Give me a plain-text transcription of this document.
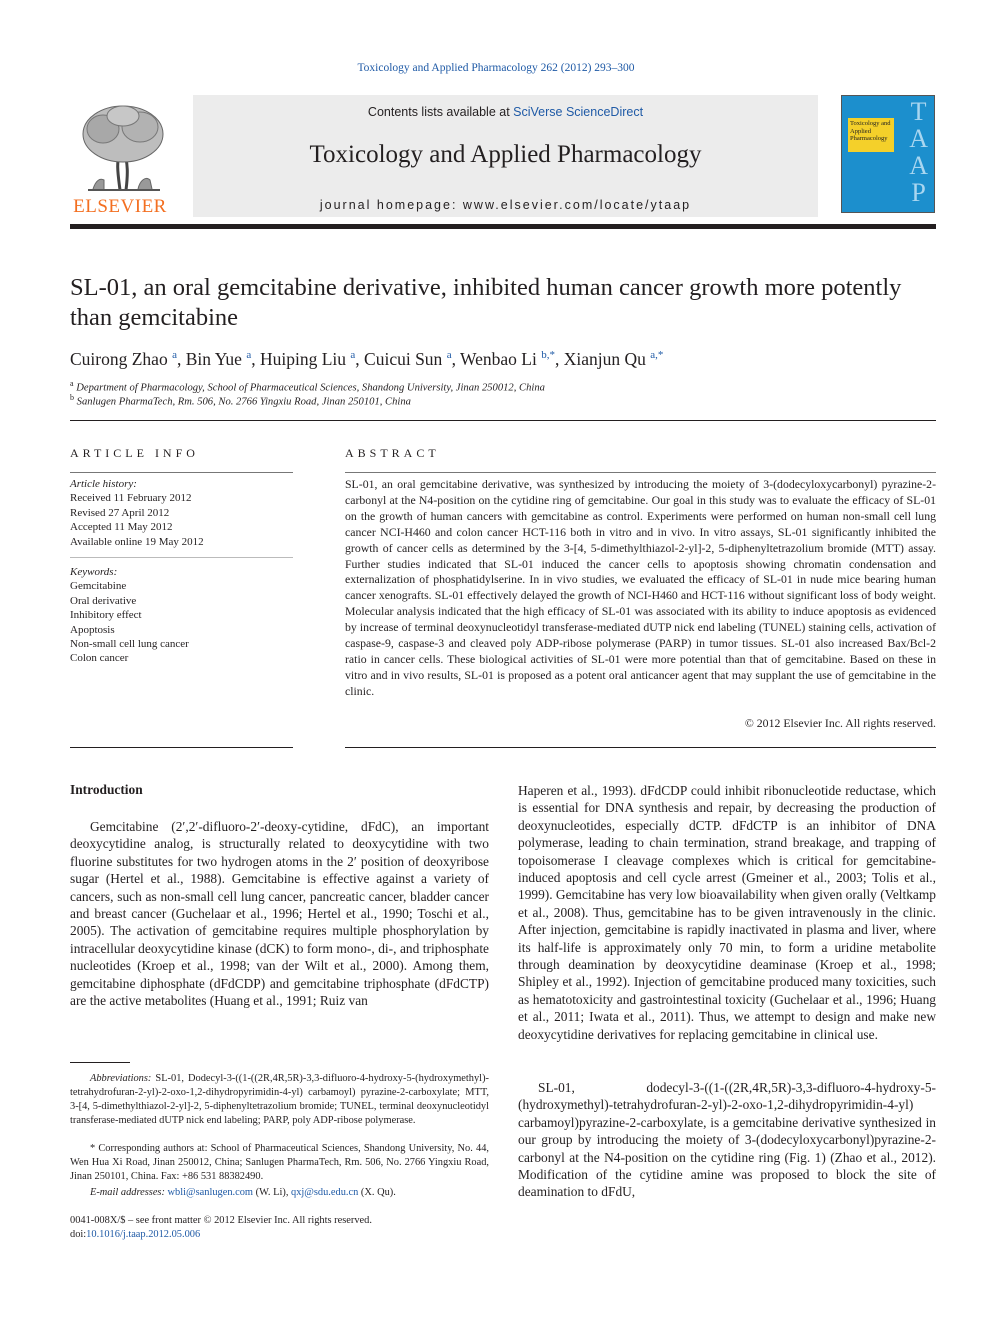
Toxicology and Applied Pharmacology 262 (2012) 293–300
ELSEVIER
Contents lists available at SciVerse ScienceDirect
Toxicology and Applied Pharmacology
journal homepage: www.elsevier.com/locate/ytaap
Toxicology and Applied Pharmacology
T
A
A
P
SL-01, an oral gemcitabine derivative, inhibited human cancer growth more potently than gemcitabine
Cuirong Zhao $^a$, Bin Yue $^a$, Huiping Liu $^a$, Cuicui Sun $^a$, Wenbao Li $^{b,*}$, Xianjun Qu $^{a,*}$
$^a$ Department of Pharmacology, School of Pharmaceutical Sciences, Shandong University, Jinan 250012, China
$^b$ Sanlugen PharmaTech, Rm. 506, No. 2766 Yingxiu Road, Jinan 250101, China
ARTICLE INFO
Article history:
Received 11 February 2012
Revised 27 April 2012
Accepted 11 May 2012
Available online 19 May 2012
Keywords:
Gemcitabine
Oral derivative
Inhibitory effect
Apoptosis
Non-small cell lung cancer
Colon cancer
ABSTRACT
SL-01, an oral gemcitabine derivative, was synthesized by introducing the moiety of 3-(dodecyloxycarbonyl) pyrazine-2-carbonyl at the N4-position on the cytidine ring of gemcitabine. Our goal in this study was to evaluate the efficacy of SL-01 on the growth of human cancers with gemcitabine as control. Experiments were performed on human non-small cell lung cancer NCI-H460 and colon cancer HCT-116 both in vitro and in vivo. In vitro assays, SL-01 significantly inhibited the growth of cancer cells as determined by the 3-[4, 5-dimethylthiazol-2-yl]-2, 5-diphenyltetrazolium bromide (MTT) assay. Further studies indicated that SL-01 induced the cancer cells to apoptosis showing chromatin condensation and externalization of phosphatidylserine. In in vivo studies, we evaluated the efficacy of SL-01 in nude mice bearing human cancer xenografts. SL-01 effectively delayed the growth of NCI-H460 and HCT-116 without significant loss of body weight. Molecular analysis indicated that the high efficacy of SL-01 was associated with its ability to induce apoptosis as evidenced by increase of terminal deoxynucleotidyl transferase-mediated dUTP nick end labeling (TUNEL) staining cells, activation of caspase-9, caspase-3 and cleaved poly ADP-ribose polymerase (PARP) in tumor tissues. SL-01 also increased Bax/Bcl-2 ratio in cancer cells. These biological activities of SL-01 were more potential than that of gemcitabine. Based on these in vitro and in vivo results, SL-01 is proposed as a potent oral anticancer agent that may supplant the use of gemcitabine in the clinic.
© 2012 Elsevier Inc. All rights reserved.
Introduction
Gemcitabine (2′,2′-difluoro-2′-deoxy-cytidine, dFdC), an important deoxycytidine analog, is structurally related to deoxycytidine with two fluorine substitutes for two hydrogen atoms in the 2′ position of deoxyribose sugar (Hertel et al., 1988). Gemcitabine is effective against a variety of cancers, such as non-small cell lung cancer, pancreatic cancer, bladder cancer and breast cancer (Guchelaar et al., 1996; Hertel et al., 1990; Toschi et al., 2005). The activation of gemcitabine requires multiple phosphorylation by intracellular deoxycytidine kinase (dCK) to form mono-, di-, and triphosphate nucleotides (Kroep et al., 1998; van der Wilt et al., 2000). Among them, gemcitabine diphosphate (dFdCDP) and gemcitabine triphosphate (dFdCTP) are the active metabolites (Huang et al., 1991; Ruiz van
Haperen et al., 1993). dFdCDP could inhibit ribonucleotide reductase, which is essential for DNA synthesis and repair, by decreasing the production of deoxynucleotides, especially dCTP. dFdCTP is an inhibitor of DNA polymerase, leading to chain termination, strand breakage, and trapping of topoisomerase I cleavage complexes which is critical for gemcitabine-induced apoptosis and cell cycle arrest (Gmeiner et al., 2003; Tolis et al., 1999). Gemcitabine has very low bioavailability when given orally (Veltkamp et al., 2008). Thus, gemcitabine has to be given intravenously in the clinic. After injection, gemcitabine is rapidly inactivated in plasma and liver, where its half-life is approximately only 70 min, to form a uridine metabolite through deamination by deoxycytidine deaminase (Kroep et al., 1998; Shipley et al., 1992). Injection of gemcitabine produced many toxicities, such as hematotoxicity and gastrointestinal toxicity (Guchelaar et al., 1996; Huang et al., 2011; Iwata et al., 2011). Thus, we attempt to design and make new deoxycytidine derivatives for replacing gemcitabine in clinical use.
SL-01, dodecyl-3-((1-((2R,4R,5R)-3,3-difluoro-4-hydroxy-5-(hydroxymethyl)-tetrahydrofuran-2-yl)-2-oxo-1,2-dihydropyrimidin-4-yl) carbamoyl)pyrazine-2-carboxylate, is a gemcitabine derivative synthesized in our group by introducing the moiety of 3-(dodecyloxycarbonyl)pyrazine-2-carbonyl at the N4-position on the cytidine ring (Fig. 1) (Zhao et al., 2012). Modification of the cytidine amine was proposed to block the site of deamination to dFdU,
Abbreviations: SL-01, Dodecyl-3-((1-((2R,4R,5R)-3,3-difluoro-4-hydroxy-5-(hydroxymethyl)-tetrahydrofuran-2-yl)-2-oxo-1,2-dihydropyrimidin-4-yl) carbamoyl) pyrazine-2-carboxylate; MTT, 3-[4, 5-dimethylthiazol-2-yl]-2, 5-diphenyltetrazolium bromide; TUNEL, terminal deoxynucleotidyl transferase-mediated dUTP nick end labeling; PARP, poly ADP-ribose polymerase.
* Corresponding authors at: School of Pharmaceutical Sciences, Shandong University, No. 44, Wen Hua Xi Road, Jinan 250012, China; Sanlugen PharmaTech, Rm. 506, No. 2766 Yingxiu Road, Jinan 250101, China. Fax: +86 531 88382490.
E-mail addresses: wbli@sanlugen.com (W. Li), qxj@sdu.edu.cn (X. Qu).
0041-008X/$ – see front matter © 2012 Elsevier Inc. All rights reserved.
doi:10.1016/j.taap.2012.05.006
